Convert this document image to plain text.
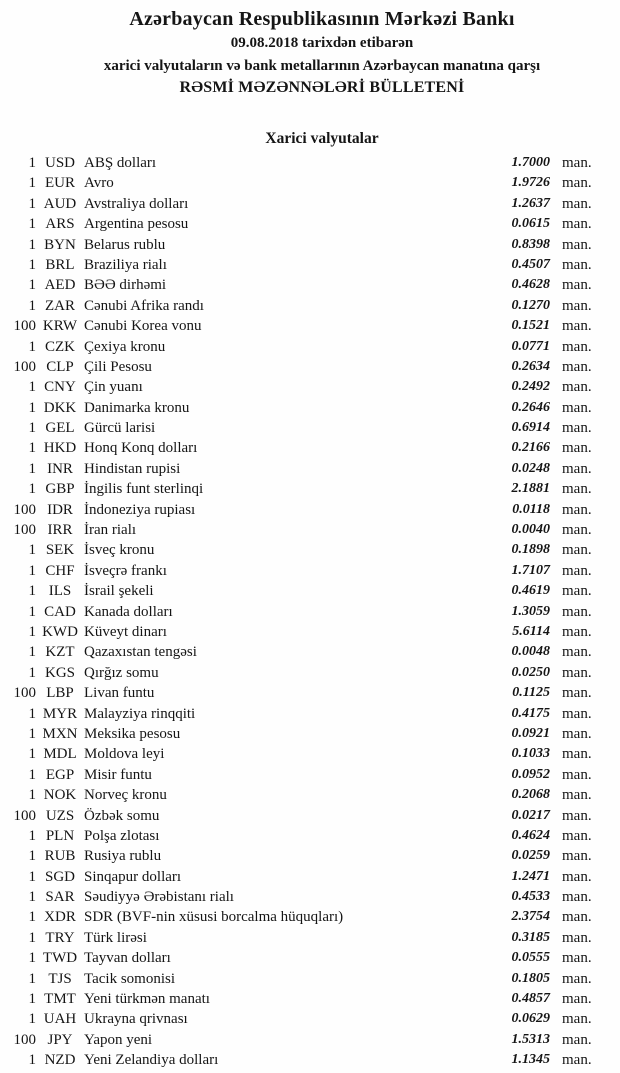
Azərbaycan Respublikasının Mərkəzi Bankı
09.08.2018 tarixdən etibarən
xarici valyutaların və bank metallarının Azərbaycan manatına qarşı
RƏSMİ MƏZƏNNƏLƏRİ BÜLLETENİ
Xarici valyutalar
1 USD ABŞ dolları	1.7000 man.
1 EUR Avro	1.9726 man.
1 AUD Avstraliya dolları	1.2637 man.
1 ARS Argentina pesosu	0.0615 man.
1 BYN Belarus rublu	0.8398 man.
1 BRL Braziliya rialı	0.4507 man.
1 AED BƏƏ dirhəmi	0.4628 man.
1 ZAR Cənubi Afrika randı	0.1270 man.
100 KRW Cənubi Korea vonu	0.1521 man.
1 CZK Çexiya kronu	0.0771 man.
100 CLP Çili Pesosu	0.2634 man.
1 CNY Çin yuanı	0.2492 man.
1 DKK Danimarka kronu	0.2646 man.
1 GEL Gürcü larisi	0.6914 man.
1 HKD Honq Konq dolları	0.2166 man.
1 INR Hindistan rupisi	0.0248 man.
1 GBP İngilis funt sterlinqi	2.1881 man.
100 IDR İndoneziya rupiası	0.0118 man.
100 IRR İran rialı	0.0040 man.
1 SEK İsveç kronu	0.1898 man.
1 CHF İsveçrə frankı	1.7107 man.
1 ILS İsrail şekeli	0.4619 man.
1 CAD Kanada dolları	1.3059 man.
1 KWD Küveyt dinarı	5.6114 man.
1 KZT Qazaxıstan tengəsi	0.0048 man.
1 KGS Qırğız somu	0.0250 man.
100 LBP Livan funtu	0.1125 man.
1 MYR Malayziya rinqqiti	0.4175 man.
1 MXN Meksika pesosu	0.0921 man.
1 MDL Moldova leyi	0.1033 man.
1 EGP Misir funtu	0.0952 man.
1 NOK Norveç kronu	0.2068 man.
100 UZS Özbək somu	0.0217 man.
1 PLN Polşa zlotası	0.4624 man.
1 RUB Rusiya rublu	0.0259 man.
1 SGD Sinqapur dolları	1.2471 man.
1 SAR Səudiyyə Ərəbistanı rialı	0.4533 man.
1 XDR SDR (BVF-nin xüsusi borcalma hüquqları)	2.3754 man.
1 TRY Türk lirəsi	0.3185 man.
1 TWD Tayvan dolları	0.0555 man.
1 TJS Tacik somonisi	0.1805 man.
1 TMT Yeni türkmən manatı	0.4857 man.
1 UAH Ukrayna qrivnası	0.0629 man.
100 JPY Yapon yeni	1.5313 man.
1 NZD Yeni Zelandiya dolları	1.1345 man.
